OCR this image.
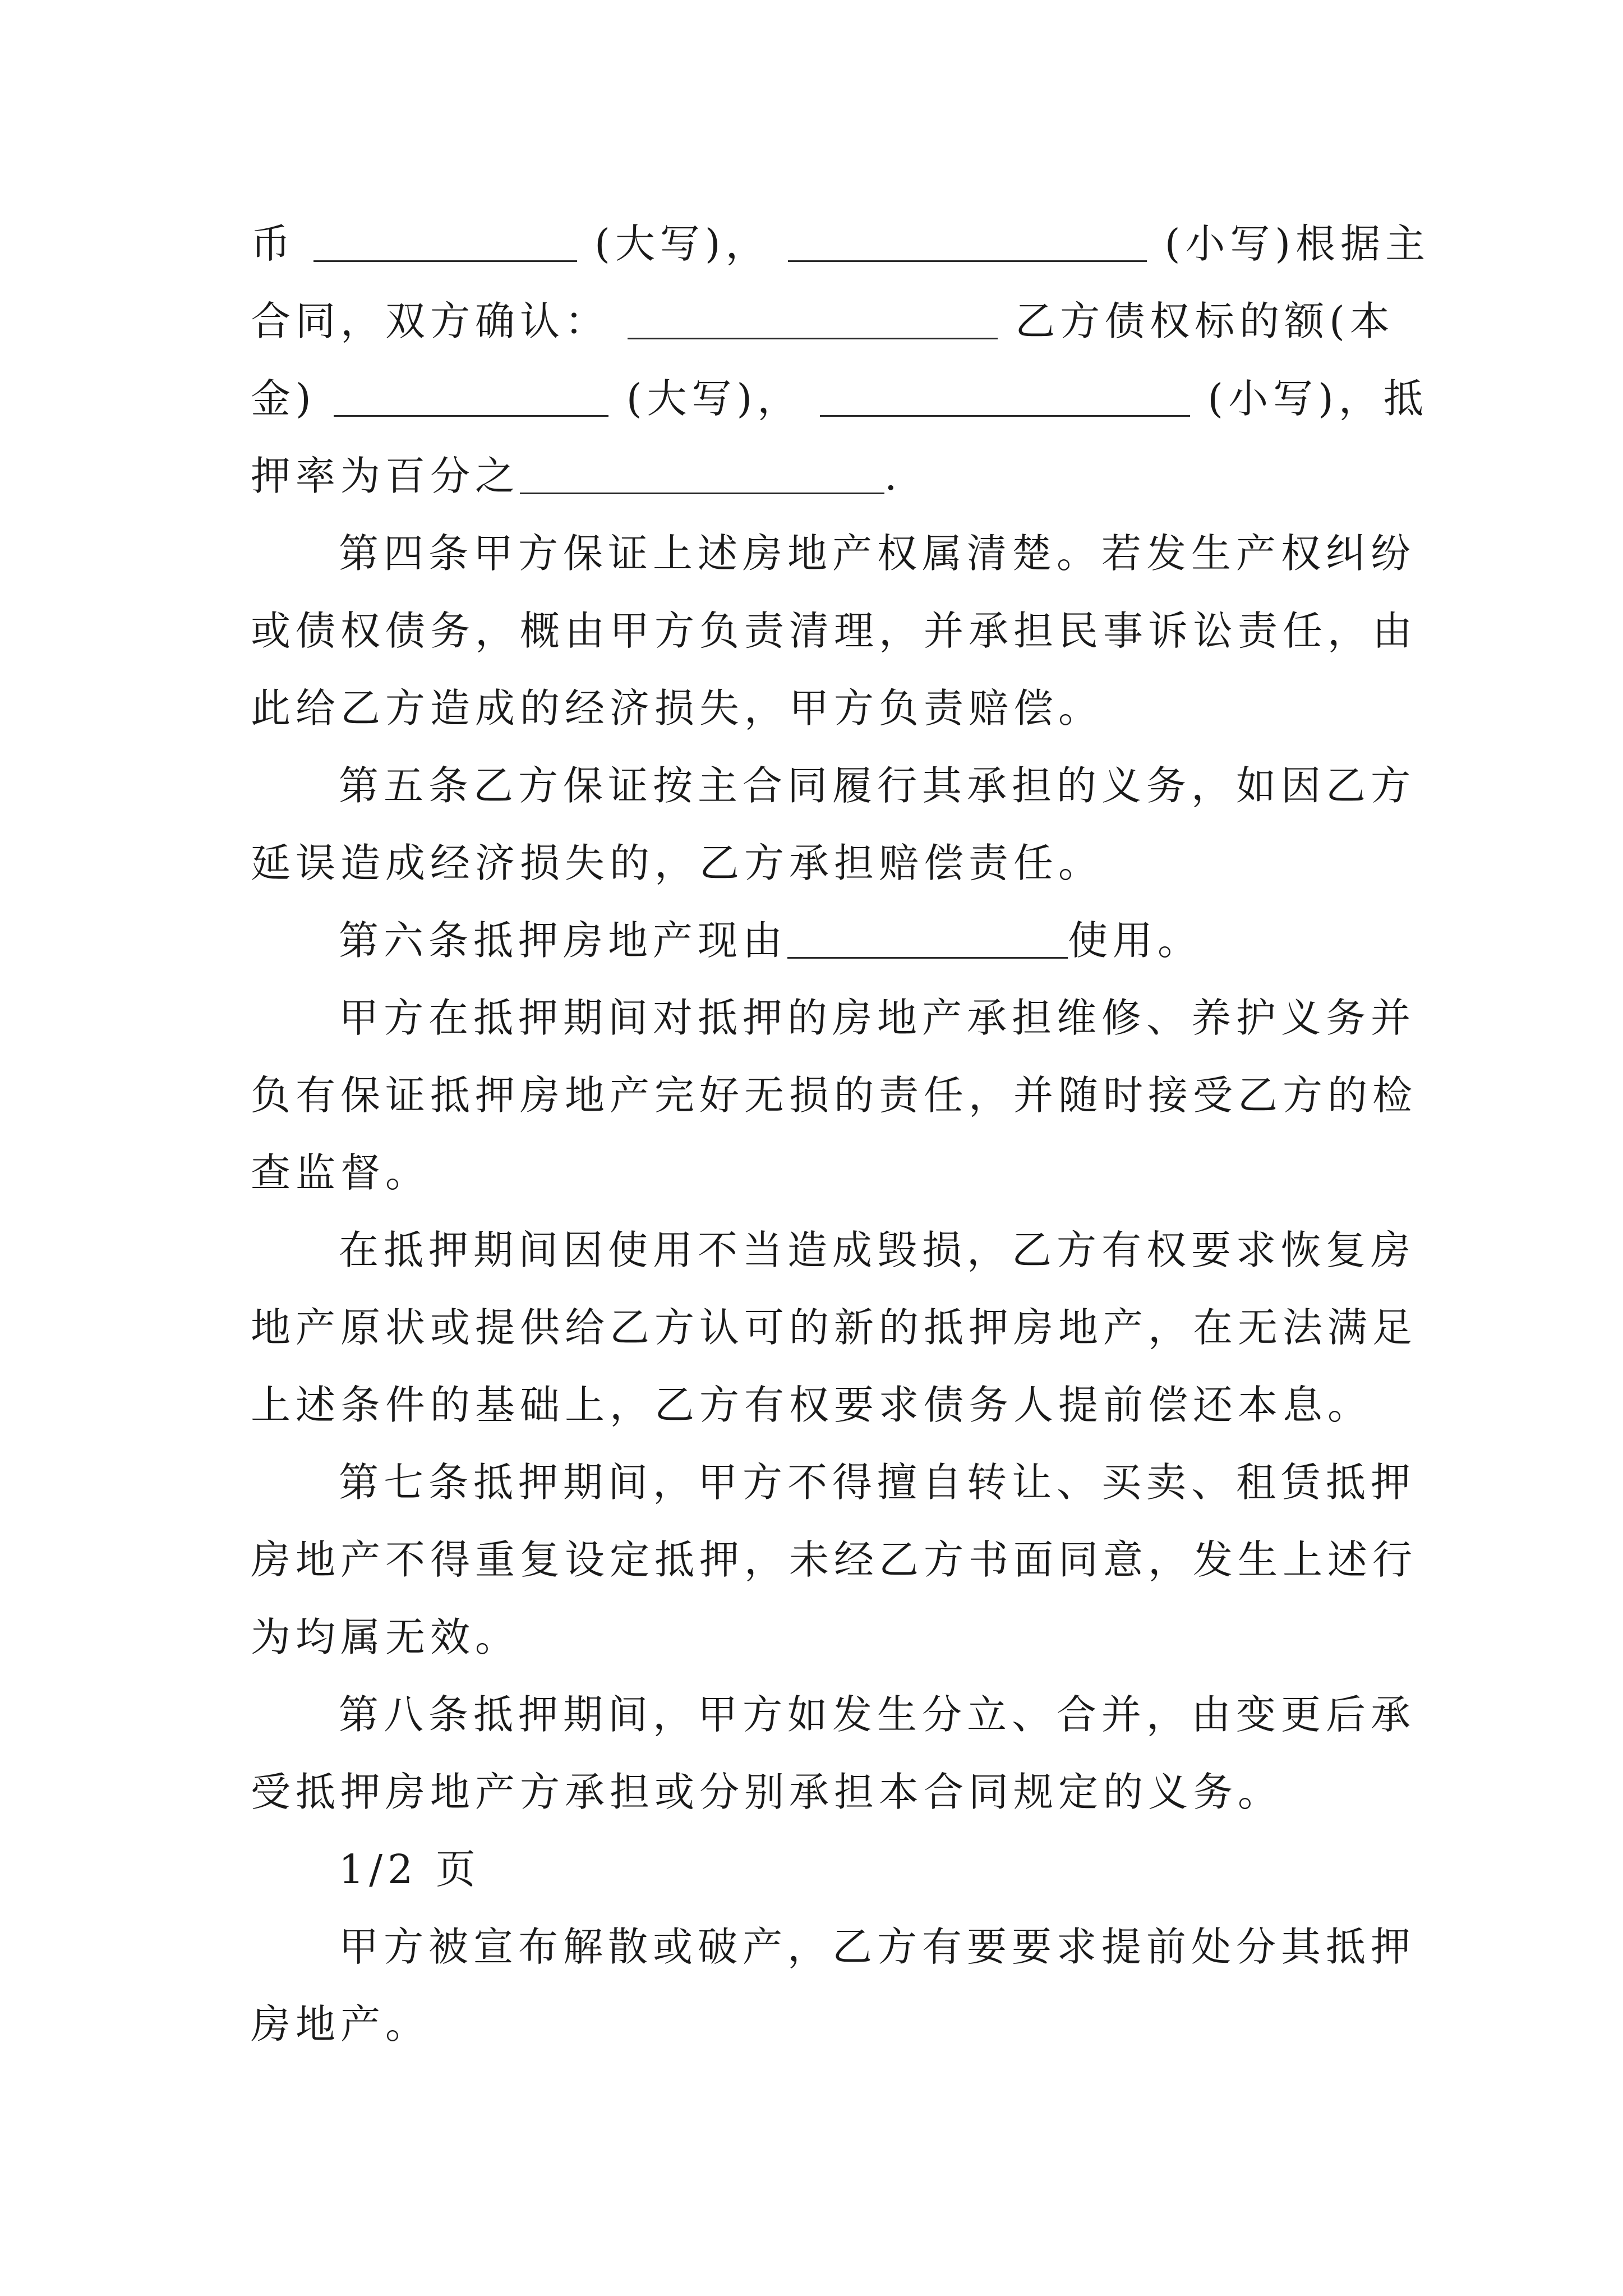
币	(大写)，	(小写)根据主
合同，双方确认：	乙方债权标的额(本
金)	(大写)，	(小写)，抵
押率为百分之	.
第四条甲方保证上述房地产权属清楚。若发生产权纠纷
或债权债务，概由甲方负责清理，并承担民事诉讼责任，由
此给乙方造成的经济损失，甲方负责赔偿。
第五条乙方保证按主合同履行其承担的义务，如因乙方
延误造成经济损失的，乙方承担赔偿责任。
第六条抵押房地产现由	使用。
甲方在抵押期间对抵押的房地产承担维修、养护义务并
负有保证抵押房地产完好无损的责任，并随时接受乙方的检
查监督。
在抵押期间因使用不当造成毁损，乙方有权要求恢复房
地产原状或提供给乙方认可的新的抵押房地产，在无法满足
上述条件的基础上，乙方有权要求债务人提前偿还本息。
第七条抵押期间，甲方不得擅自转让、买卖、租赁抵押
房地产不得重复设定抵押，未经乙方书面同意，发生上述行
为均属无效。
第八条抵押期间，甲方如发生分立、合并，由变更后承
受抵押房地产方承担或分别承担本合同规定的义务。
1/2 页
甲方被宣布解散或破产，乙方有要要求提前处分其抵押
房地产。
